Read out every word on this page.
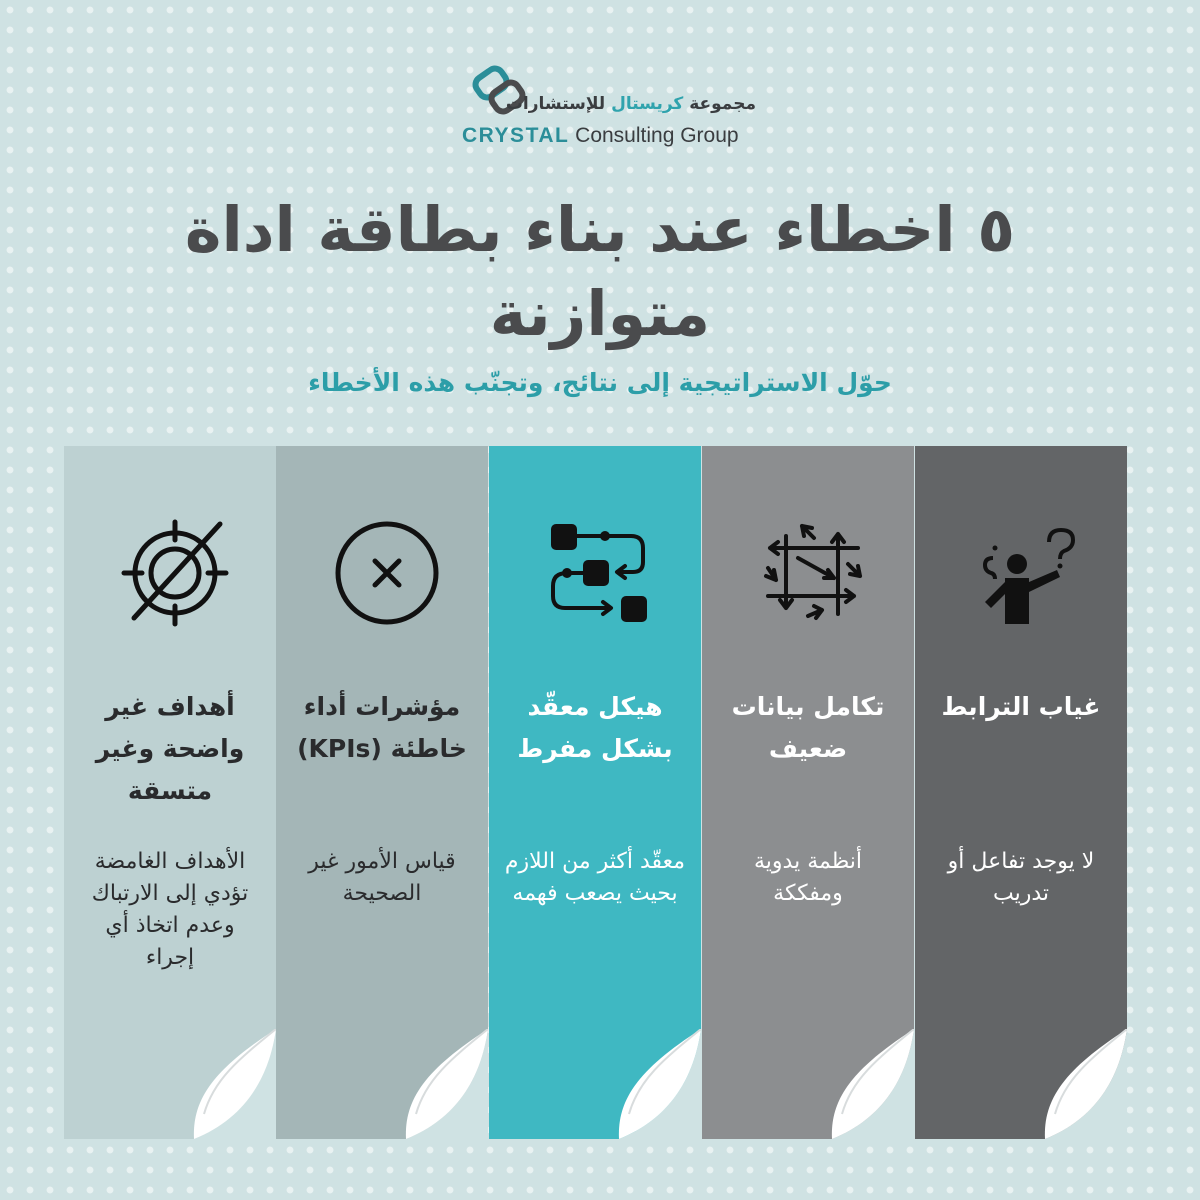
مجموعة كريستال للإستشارات
CRYSTAL Consulting Group
٥ اخطاء عند بناء بطاقة اداة متوازنة
حوّل الاستراتيجية إلى نتائج، وتجنّب هذه الأخطاء
غياب الترابط
لا يوجد تفاعل أو تدريب
تكامل بيانات ضعيف
أنظمة يدوية ومفككة
هيكل معقّد بشكل مفرط
معقّد أكثر من اللازم بحيث يصعب فهمه
مؤشرات أداء خاطئة (KPIs)
قياس الأمور غير الصحيحة
أهداف غير واضحة وغير متسقة
الأهداف الغامضة تؤدي إلى الارتباك وعدم اتخاذ أي إجراء
